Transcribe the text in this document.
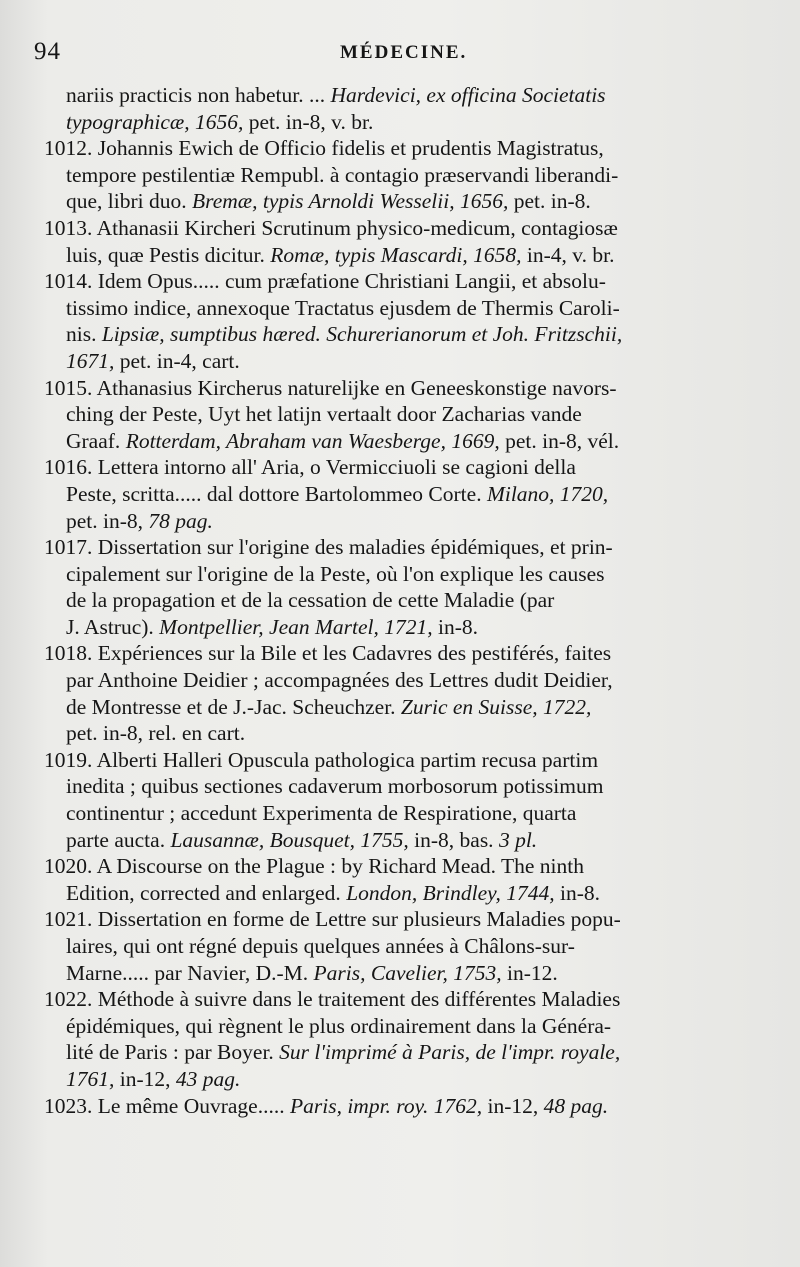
94	MÉDECINE.
nariis practicis non habetur. ... Hardevici, ex officina Societatis
typographicæ, 1656, pet. in-8, v. br.
1012. Johannis Ewich de Officio fidelis et prudentis Magistratus,
tempore pestilentiæ Rempubl. à contagio præservandi liberandi-
que, libri duo. Bremæ, typis Arnoldi Wesselii, 1656, pet. in-8.
1013. Athanasii Kircheri Scrutinum physico-medicum, contagiosæ
luis, quæ Pestis dicitur. Romæ, typis Mascardi, 1658, in-4, v. br.
1014. Idem Opus..... cum præfatione Christiani Langii, et absolu-
tissimo indice, annexoque Tractatus ejusdem de Thermis Caroli-
nis. Lipsiæ, sumptibus hæred. Schurerianorum et Joh. Fritzschii,
1671, pet. in-4, cart.
1015. Athanasius Kircherus naturelijke en Geneeskonstige navors-
ching der Peste, Uyt het latijn vertaalt door Zacharias vande
Graaf. Rotterdam, Abraham van Waesberge, 1669, pet. in-8, vél.
1016. Lettera intorno all' Aria, o Vermicciuoli se cagioni della
Peste, scritta..... dal dottore Bartolommeo Corte. Milano, 1720,
pet. in-8, 78 pag.
1017. Dissertation sur l'origine des maladies épidémiques, et prin-
cipalement sur l'origine de la Peste, où l'on explique les causes
de la propagation et de la cessation de cette Maladie (par
J. Astruc). Montpellier, Jean Martel, 1721, in-8.
1018. Expériences sur la Bile et les Cadavres des pestiférés, faites
par Anthoine Deidier ; accompagnées des Lettres dudit Deidier,
de Montresse et de J.-Jac. Scheuchzer. Zuric en Suisse, 1722,
pet. in-8, rel. en cart.
1019. Alberti Halleri Opuscula pathologica partim recusa partim
inedita ; quibus sectiones cadaverum morbosorum potissimum
continentur ; accedunt Experimenta de Respiratione, quarta
parte aucta. Lausannæ, Bousquet, 1755, in-8, bas. 3 pl.
1020. A Discourse on the Plague : by Richard Mead. The ninth
Edition, corrected and enlarged. London, Brindley, 1744, in-8.
1021. Dissertation en forme de Lettre sur plusieurs Maladies popu-
laires, qui ont régné depuis quelques années à Châlons-sur-
Marne..... par Navier, D.-M. Paris, Cavelier, 1753, in-12.
1022. Méthode à suivre dans le traitement des différentes Maladies
épidémiques, qui règnent le plus ordinairement dans la Généra-
lité de Paris : par Boyer. Sur l'imprimé à Paris, de l'impr. royale,
1761, in-12, 43 pag.
1023. Le même Ouvrage..... Paris, impr. roy. 1762, in-12, 48 pag.
